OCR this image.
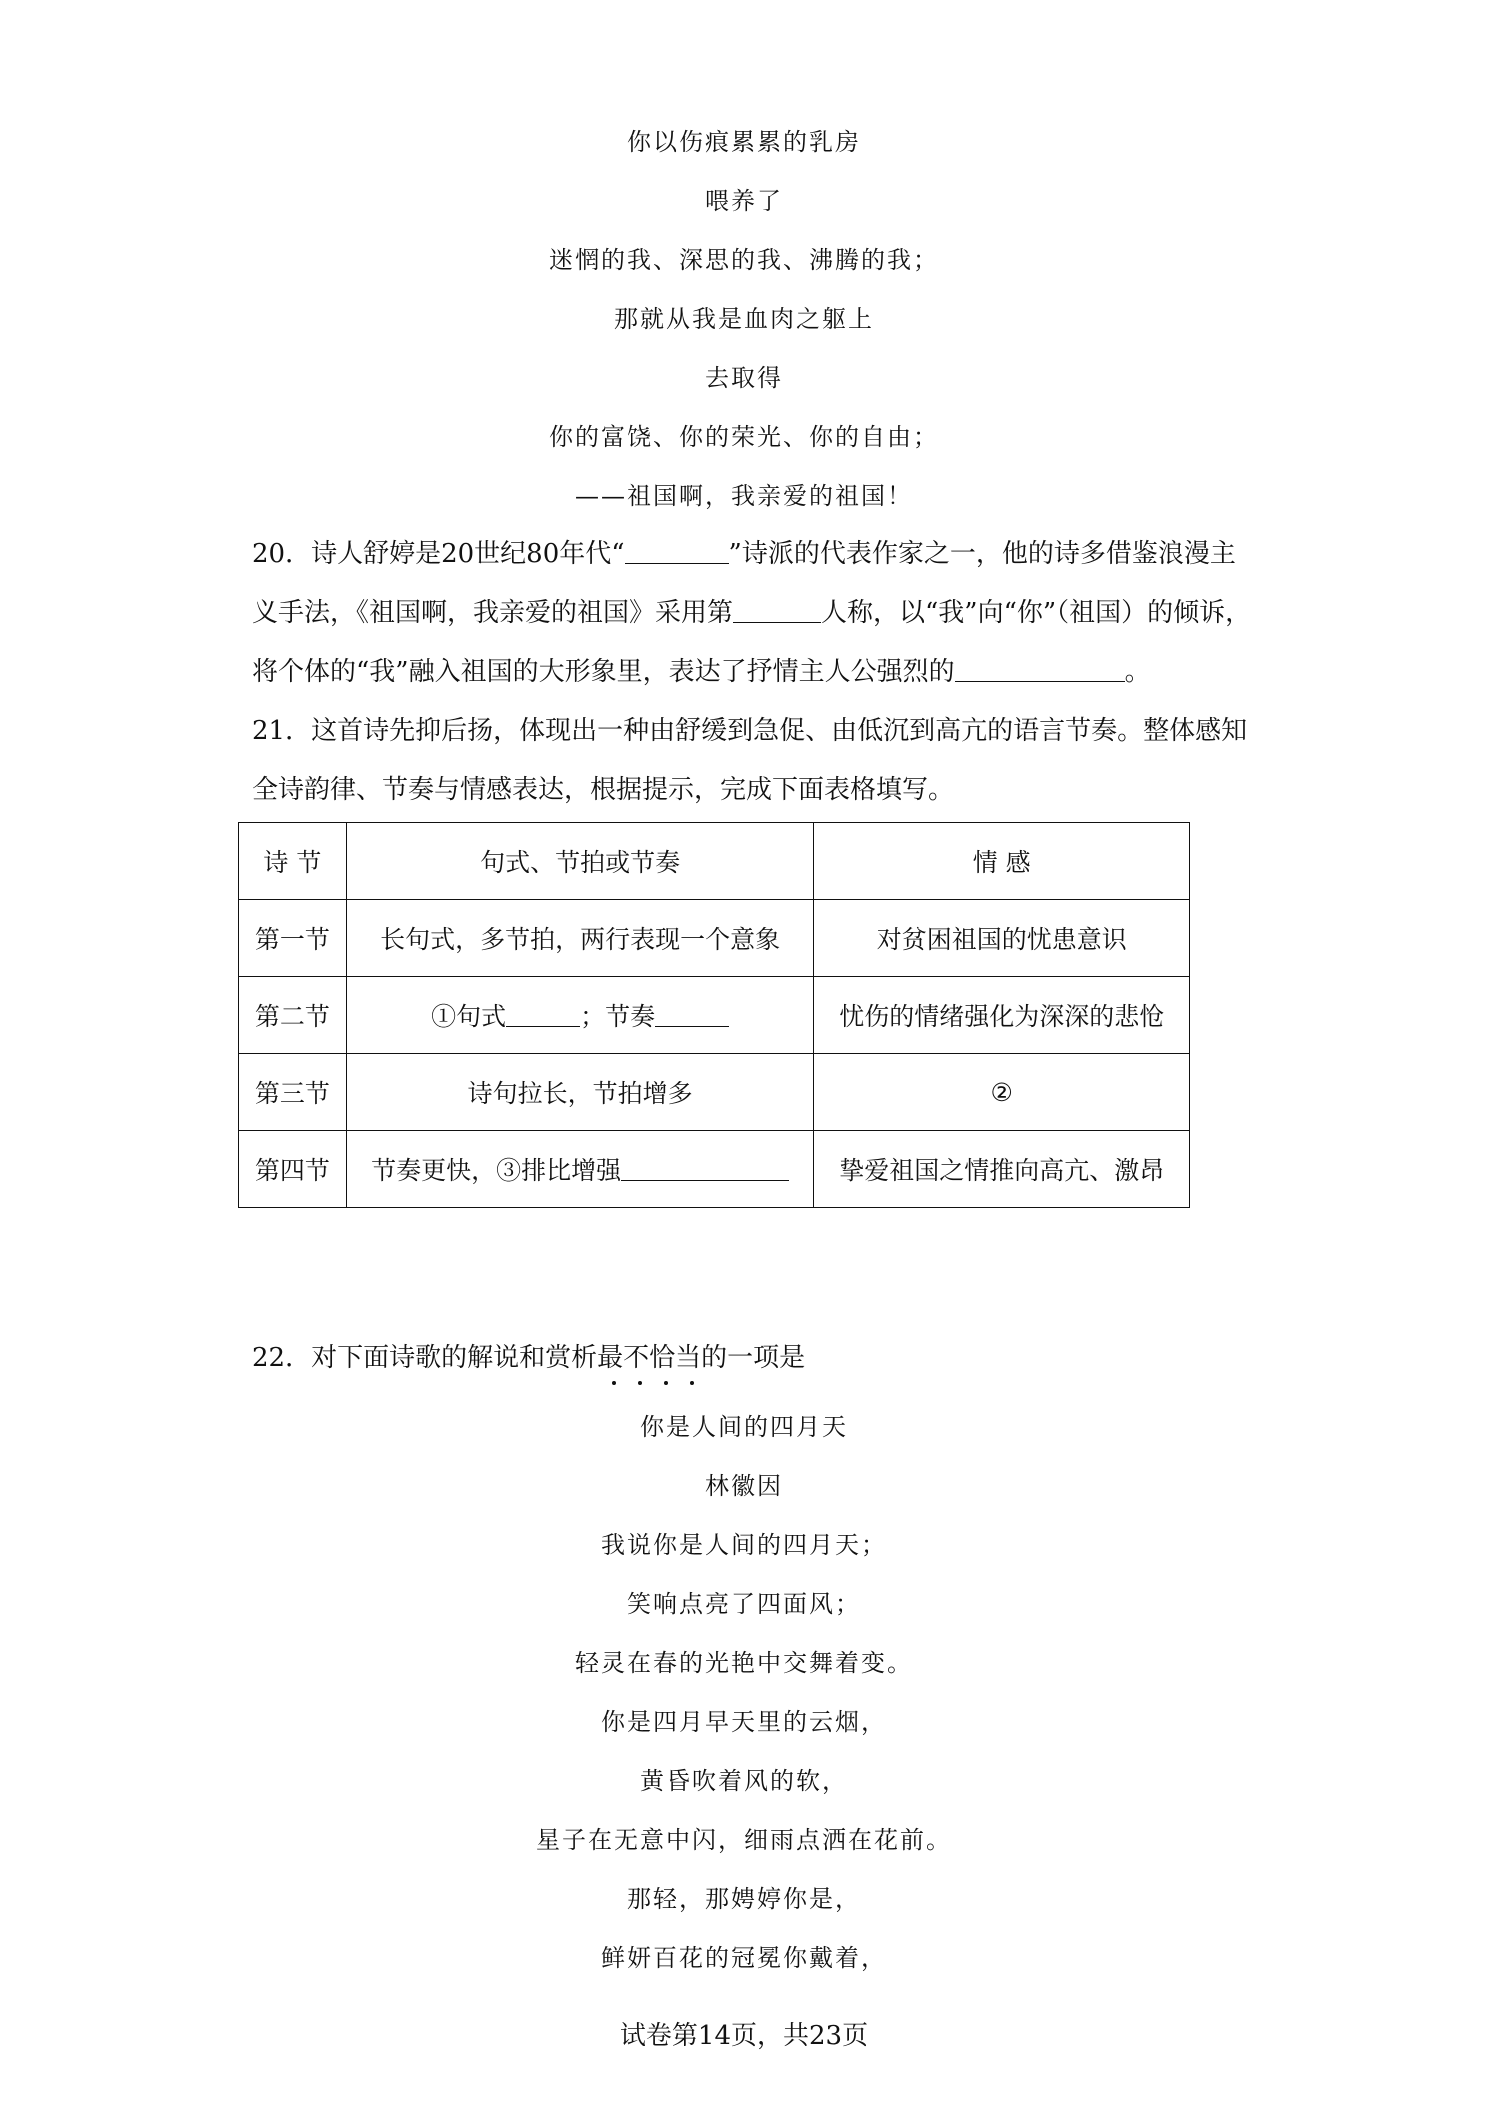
你以伤痕累累的乳房
喂养了
迷惘的我、深思的我、沸腾的我；
那就从我是血肉之躯上
去取得
你的富饶、你的荣光、你的自由；
——祖国啊，我亲爱的祖国！
20．诗人舒婷是20世纪80年代“	”诗派的代表作家之一，他的诗多借鉴浪漫主
义手法，《祖国啊，我亲爱的祖国》采用第	人称，以“我”向“你”（祖国）的倾诉，
将个体的“我”融入祖国的大形象里，表达了抒情主人公强烈的	。
21．这首诗先抑后扬，体现出一种由舒缓到急促、由低沉到高亢的语言节奏。整体感知
全诗韵律、节奏与情感表达，根据提示，完成下面表格填写。
诗 节	句式、节拍或节奏	情 感
第一节	长句式，多节拍，两行表现一个意象	对贫困祖国的忧患意识
第二节	①句式 ；节奏	忧伤的情绪强化为深深的悲怆
第三节	诗句拉长，节拍增多	②
第四节	节奏更快，③排比增强	挚爱祖国之情推向高亢、激昂
22．对下面诗歌的解说和赏析最不恰当的一项是
你是人间的四月天
林徽因
我说你是人间的四月天；
笑响点亮了四面风；
轻灵在春的光艳中交舞着变。
你是四月早天里的云烟，
黄昏吹着风的软，
星子在无意中闪，细雨点洒在花前。
那轻，那娉婷你是，
鲜妍百花的冠冕你戴着，
试卷第14页，共23页
